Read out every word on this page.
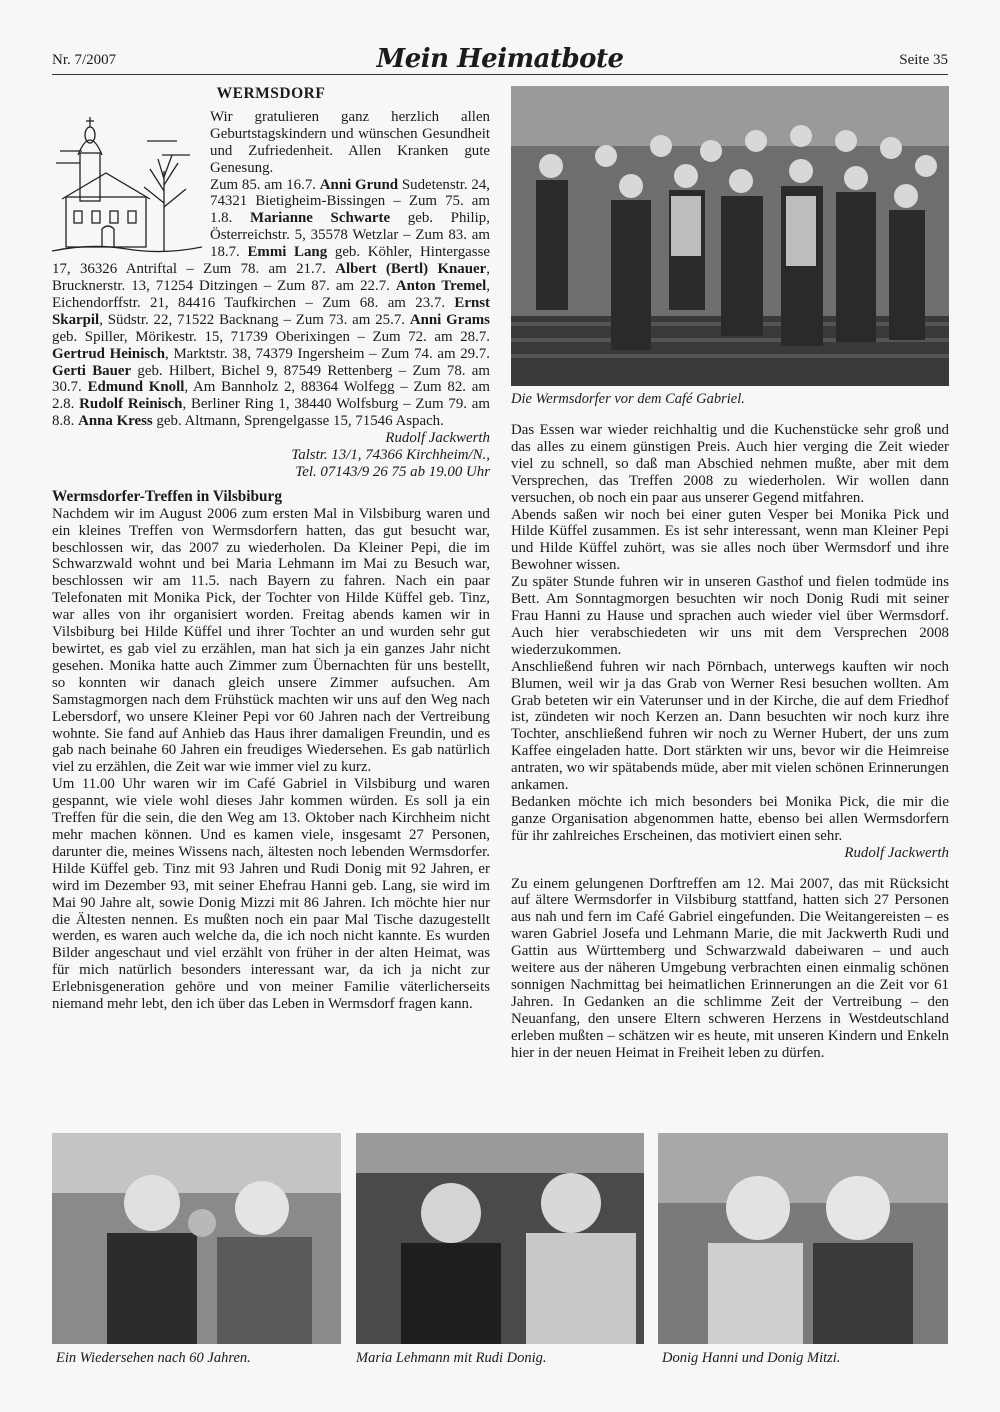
Nr. 7/2007	Mein Heimatbote	Seite 35
WERMSDORF

Wir gratulieren ganz herzlich allen Geburtstagskindern und wünschen Gesundheit und Zufriedenheit. Allen Kranken gute Genesung.

Zum 85. am 16.7. Anni Grund Sudetenstr. 24, 74321 Bietigheim-Bissingen – Zum 75. am 1.8. Marianne Schwarte geb. Philip, Österreichstr. 5, 35578 Wetzlar – Zum 83. am 18.7. Emmi Lang geb. Köhler, Hintergasse 17, 36326 Antriftal – Zum 78. am 21.7. Albert (Bertl) Knauer, Brucknerstr. 13, 71254 Ditzingen – Zum 87. am 22.7. Anton Tremel, Eichendorffstr. 21, 84416 Taufkirchen – Zum 68. am 23.7. Ernst Skarpil, Südstr. 22, 71522 Backnang – Zum 73. am 25.7. Anni Grams geb. Spiller, Mörikestr. 15, 71739 Oberixingen – Zum 72. am 28.7. Gertrud Heinisch, Marktstr. 38, 74379 Ingersheim – Zum 74. am 29.7. Gerti Bauer geb. Hilbert, Bichel 9, 87549 Rettenberg – Zum 78. am 30.7. Edmund Knoll, Am Bannholz 2, 88364 Wolfegg – Zum 82. am 2.8. Rudolf Reinisch, Berliner Ring 1, 38440 Wolfsburg – Zum 79. am 8.8. Anna Kress geb. Altmann, Sprengelgasse 15, 71546 Aspach.

Rudolf Jackwerth

Talstr. 13/1, 74366 Kirchheim/N.,

Tel. 07143/9 26 75 ab 19.00 Uhr

Wermsdorfer-Treffen in Vilsbiburg

Nachdem wir im August 2006 zum ersten Mal in Vilsbiburg waren und ein kleines Treffen von Wermsdorfern hatten, das gut besucht war, beschlossen wir, das 2007 zu wiederholen. Da Kleiner Pepi, die im Schwarzwald wohnt und bei Maria Lehmann im Mai zu Besuch war, beschlossen wir am 11.5. nach Bayern zu fahren. Nach ein paar Telefonaten mit Monika Pick, der Tochter von Hilde Küffel geb. Tinz, war alles von ihr organisiert worden. Freitag abends kamen wir in Vilsbiburg bei Hilde Küffel und ihrer Tochter an und wurden sehr gut bewirtet, es gab viel zu erzählen, man hat sich ja ein ganzes Jahr nicht gesehen. Monika hatte auch Zimmer zum Übernachten für uns bestellt, so konnten wir danach gleich unsere Zimmer aufsuchen. Am Samstagmorgen nach dem Frühstück machten wir uns auf den Weg nach Lebersdorf, wo unsere Kleiner Pepi vor 60 Jahren nach der Vertreibung wohnte. Sie fand auf Anhieb das Haus ihrer damaligen Freundin, und es gab nach beinahe 60 Jahren ein freudiges Wiedersehen. Es gab natürlich viel zu erzählen, die Zeit war wie immer viel zu kurz.

Um 11.00 Uhr waren wir im Café Gabriel in Vilsbiburg und waren gespannt, wie viele wohl dieses Jahr kommen würden. Es soll ja ein Treffen für die sein, die den Weg am 13. Oktober nach Kirchheim nicht mehr machen können. Und es kamen viele, insgesamt 27 Personen, darunter die, meines Wissens nach, ältesten noch lebenden Wermsdorfer. Hilde Küffel geb. Tinz mit 93 Jahren und Rudi Donig mit 92 Jahren, er wird im Dezember 93, mit seiner Ehefrau Hanni geb. Lang, sie wird im Mai 90 Jahre alt, sowie Donig Mizzi mit 86 Jahren. Ich möchte hier nur die Ältesten nennen. Es mußten noch ein paar Mal Tische dazugestellt werden, es waren auch welche da, die ich noch nicht kannte. Es wurden Bilder angeschaut und viel erzählt von früher in der alten Heimat, was für mich natürlich besonders interessant war, da ich ja nicht zur Erlebnisgeneration gehöre und von meiner Familie väterlicherseits niemand mehr lebt, den ich über das Leben in Wermsdorf fragen kann.

Die Wermsdorfer vor dem Café Gabriel.

Das Essen war wieder reichhaltig und die Kuchenstücke sehr groß und das alles zu einem günstigen Preis. Auch hier verging die Zeit wieder viel zu schnell, so daß man Abschied nehmen mußte, aber mit dem Versprechen, das Treffen 2008 zu wiederholen. Wir wollen dann versuchen, ob noch ein paar aus unserer Gegend mitfahren.

Abends saßen wir noch bei einer guten Vesper bei Monika Pick und Hilde Küffel zusammen. Es ist sehr interessant, wenn man Kleiner Pepi und Hilde Küffel zuhört, was sie alles noch über Wermsdorf und ihre Bewohner wissen.

Zu später Stunde fuhren wir in unseren Gasthof und fielen todmüde ins Bett. Am Sonntagmorgen besuchten wir noch Donig Rudi mit seiner Frau Hanni zu Hause und sprachen auch wieder viel über Wermsdorf. Auch hier verabschiedeten wir uns mit dem Versprechen 2008 wiederzukommen.

Anschließend fuhren wir nach Pörnbach, unterwegs kauften wir noch Blumen, weil wir ja das Grab von Werner Resi besuchen wollten. Am Grab beteten wir ein Vaterunser und in der Kirche, die auf dem Friedhof ist, zündeten wir noch Kerzen an. Dann besuchten wir noch kurz ihre Tochter, anschließend fuhren wir noch zu Werner Hubert, der uns zum Kaffee eingeladen hatte. Dort stärkten wir uns, bevor wir die Heimreise antraten, wo wir spätabends müde, aber mit vielen schönen Erinnerungen ankamen.

Bedanken möchte ich mich besonders bei Monika Pick, die mir die ganze Organisation abgenommen hatte, ebenso bei allen Wermsdorfern für ihr zahlreiches Erscheinen, das motiviert einen sehr.

Rudolf Jackwerth

Zu einem gelungenen Dorftreffen am 12. Mai 2007, das mit Rücksicht auf ältere Wermsdorfer in Vilsbiburg stattfand, hatten sich 27 Personen aus nah und fern im Café Gabriel eingefunden. Die Weitangereisten – es waren Gabriel Josefa und Lehmann Marie, die mit Jackwerth Rudi und Gattin aus Württemberg und Schwarzwald dabeiwaren – und auch weitere aus der näheren Umgebung verbrachten einen einmalig schönen sonnigen Nachmittag bei heimatlichen Erinnerungen an die Zeit vor 61 Jahren. In Gedanken an die schlimme Zeit der Vertreibung – den Neuanfang, den unsere Eltern schweren Herzens in Westdeutschland erleben mußten – schätzen wir es heute, mit unseren Kindern und Enkeln hier in der neuen Heimat in Freiheit leben zu dürfen.

Ein Wiedersehen nach 60 Jahren.	Maria Lehmann mit Rudi Donig.	Donig Hanni und Donig Mitzi.
